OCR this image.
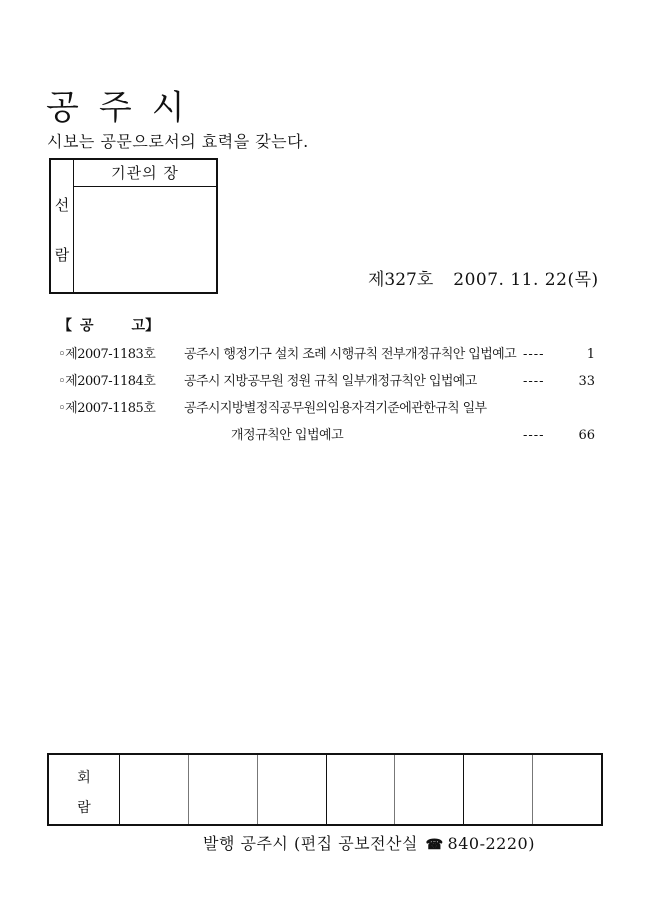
공주시
시보는 공문으로서의 효력을 갖는다.
선
람
기관의 장
제327호 2007. 11. 22(목)
【 공고】
◦제2007-1183호 공주시 행정기구 설치 조례 시행규칙 전부개정규칙안 입법예고 ----	1
◦제2007-1184호 공주시 지방공무원 정원 규칙 일부개정규칙안 입법예고	----	33
◦제2007-1185호 공주시지방별정직공무원의임용자격기준에관한규칙 일부
개정규칙안 입법예고	----	66
회
람
발행 공주시 (편집 공보전산실 ☎ 840-2220)
